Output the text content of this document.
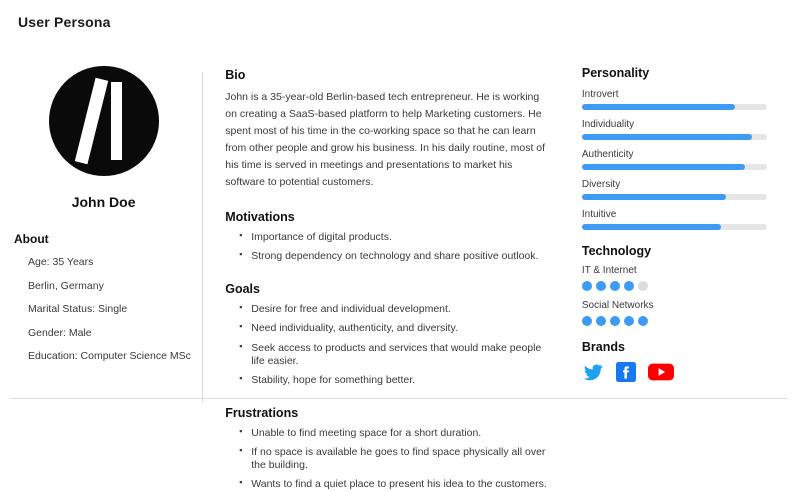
User Persona
John Doe
About
Age: 35 Years
Berlin, Germany
Marital Status: Single
Gender: Male
Education: Computer Science MSc
Bio

John is a 35-year-old Berlin-based tech entrepreneur. He is working on creating a SaaS-based platform to help Marketing customers. He spent most of his time in the co-working space so that he can learn from other people and grow his business. In his daily routine, most of his time is served in meetings and presentations to market his software to potential customers.

Motivations
▪ Importance of digital products.
▪ Strong dependency on technology and share positive outlook.
Goals
▪ Desire for free and individual development.
▪ Need individuality, authenticity, and diversity.
▪ Seek access to products and services that would make people life easier.
▪ Stability, hope for something better.
Frustrations
▪ Unable to find meeting space for a short duration.
▪ If no space is available he goes to find space physically all over the building.
▪ Wants to find a quiet place to present his idea to the customers.
Personality
Introvert
Individuality
Authenticity
Diversity
Intuitive
Technology
IT & Internet
Social Networks
Brands
